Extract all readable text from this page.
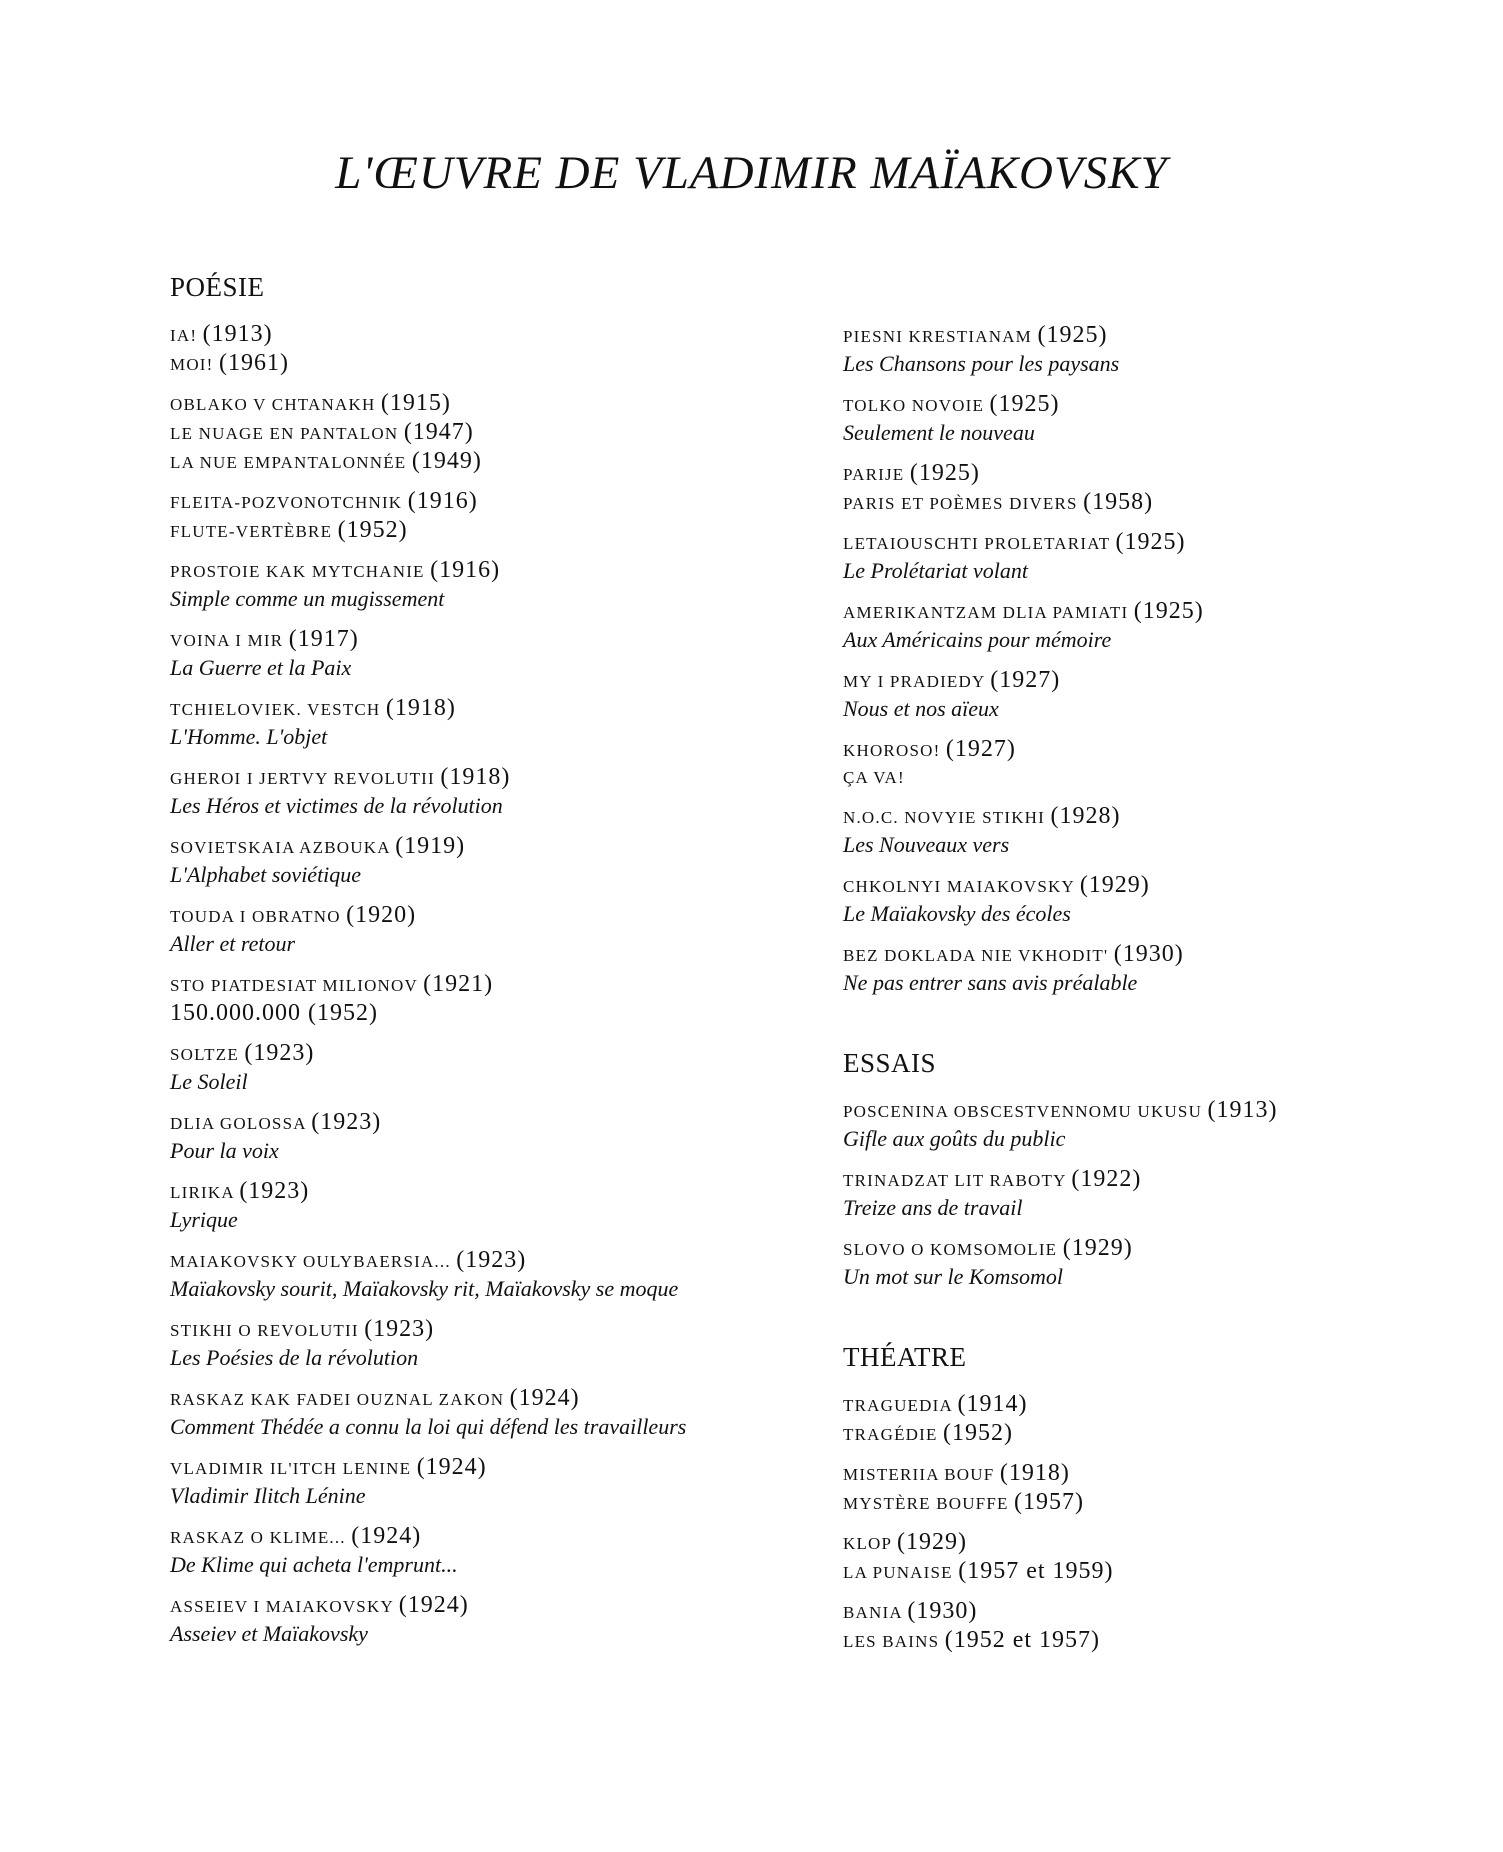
L'ŒUVRE DE VLADIMIR MAÏAKOVSKY
POÉSIE
IA! (1913)
MOI! (1961)
OBLAKO V CHTANAKH (1915)
LE NUAGE EN PANTALON (1947)
LA NUE EMPANTALONNÉE (1949)
FLEITA-POZVONOTCHNIK (1916)
FLUTE-VERTÈBRE (1952)
PROSTOIE KAK MYTCHANIE (1916)
Simple comme un mugissement
VOINA I MIR (1917)
La Guerre et la Paix
TCHIELOVIEK. VESTCH (1918)
L'Homme. L'objet
GHEROI I JERTVY REVOLUTII (1918)
Les Héros et victimes de la révolution
SOVIETSKAIA AZBOUKA (1919)
L'Alphabet soviétique
TOUDA I OBRATNO (1920)
Aller et retour
STO PIATDESIAT MILIONOV (1921)
150.000.000 (1952)
SOLTZE (1923)
Le Soleil
DLIA GOLOSSA (1923)
Pour la voix
LIRIKA (1923)
Lyrique
MAIAKOVSKY OULYBAERSIA... (1923)
Maïakovsky sourit, Maïakovsky rit, Maïakovsky se moque
STIKHI O REVOLUTII (1923)
Les Poésies de la révolution
RASKAZ KAK FADEI OUZNAL ZAKON (1924)
Comment Thédée a connu la loi qui défend les travailleurs
VLADIMIR IL'ITCH LENINE (1924)
Vladimir Ilitch Lénine
RASKAZ O KLIME... (1924)
De Klime qui acheta l'emprunt...
ASSEIEV I MAIAKOVSKY (1924)
Asseiev et Maïakovsky
PIESNI KRESTIANAM (1925)
Les Chansons pour les paysans
TOLKO NOVOIE (1925)
Seulement le nouveau
PARIJE (1925)
PARIS ET POÈMES DIVERS (1958)
LETAIOUSCHTI PROLETARIAT (1925)
Le Prolétariat volant
AMERIKANTZAM DLIA PAMIATI (1925)
Aux Américains pour mémoire
MY I PRADIEDY (1927)
Nous et nos aïeux
KHOROSO! (1927)
ÇA VA!
N.O.C. NOVYIE STIKHI (1928)
Les Nouveaux vers
CHKOLNYI MAIAKOVSKY (1929)
Le Maïakovsky des écoles
BEZ DOKLADA NIE VKHODIT' (1930)
Ne pas entrer sans avis préalable
ESSAIS
POSCENINA OBSCESTVENNOMU UKUSU (1913)
Gifle aux goûts du public
TRINADZAT LIT RABOTY (1922)
Treize ans de travail
SLOVO O KOMSOMOLIE (1929)
Un mot sur le Komsomol
THÉATRE
TRAGUEDIA (1914)
TRAGÉDIE (1952)
MISTERIIA BOUF (1918)
MYSTÈRE BOUFFE (1957)
KLOP (1929)
LA PUNAISE (1957 et 1959)
BANIA (1930)
LES BAINS (1952 et 1957)
